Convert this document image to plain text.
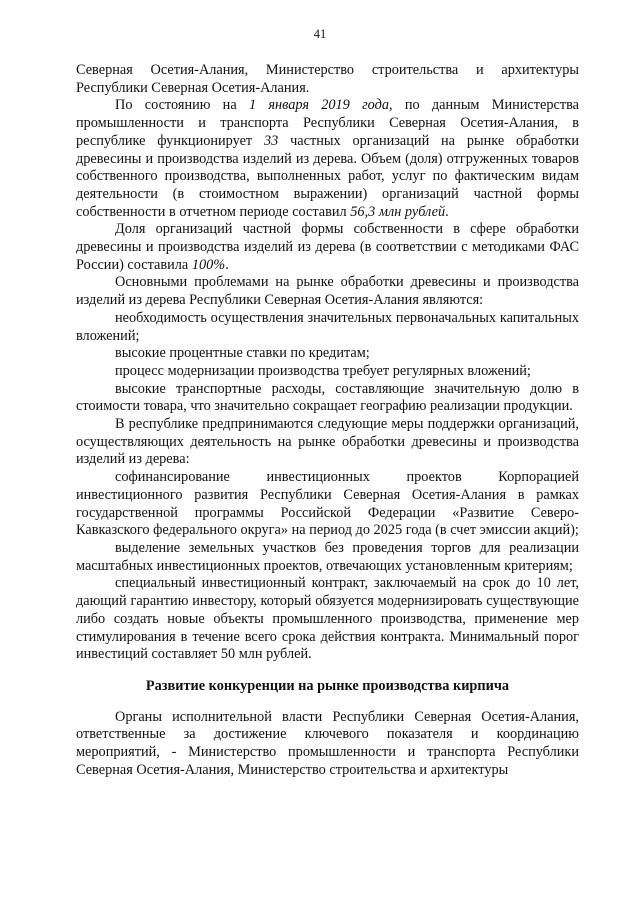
41

Северная Осетия-Алания, Министерство строительства и архитектуры Республики Северная Осетия-Алания.

По состоянию на 1 января 2019 года, по данным Министерства промышленности и транспорта Республики Северная Осетия-Алания, в республике функционирует 33 частных организаций на рынке обработки древесины и производства изделий из дерева. Объем (доля) отгруженных товаров собственного производства, выполненных работ, услуг по фактическим видам деятельности (в стоимостном выражении) организаций частной формы собственности в отчетном периоде составил 56,3 млн рублей.

Доля организаций частной формы собственности в сфере обработки древесины и производства изделий из дерева (в соответствии с методиками ФАС России) составила 100%.

Основными проблемами на рынке обработки древесины и производства изделий из дерева Республики Северная Осетия-Алания являются:

необходимость осуществления значительных первоначальных капитальных вложений;

высокие процентные ставки по кредитам;

процесс модернизации производства требует регулярных вложений;

высокие транспортные расходы, составляющие значительную долю в стоимости товара, что значительно сокращает географию реализации продукции.

В республике предпринимаются следующие меры поддержки организаций, осуществляющих деятельность на рынке обработки древесины и производства изделий из дерева:

софинансирование инвестиционных проектов Корпорацией инвестиционного развития Республики Северная Осетия-Алания в рамках государственной программы Российской Федерации «Развитие Северо-Кавказского федерального округа» на период до 2025 года (в счет эмиссии акций);

выделение земельных участков без проведения торгов для реализации масштабных инвестиционных проектов, отвечающих установленным критериям;

специальный инвестиционный контракт, заключаемый на срок до 10 лет, дающий гарантию инвестору, который обязуется модернизировать существующие либо создать новые объекты промышленного производства, применение мер стимулирования в течение всего срока действия контракта. Минимальный порог инвестиций составляет 50 млн рублей.

Развитие конкуренции на рынке производства кирпича

Органы исполнительной власти Республики Северная Осетия-Алания, ответственные за достижение ключевого показателя и координацию мероприятий, - Министерство промышленности и транспорта Республики Северная Осетия-Алания, Министерство строительства и архитектуры
